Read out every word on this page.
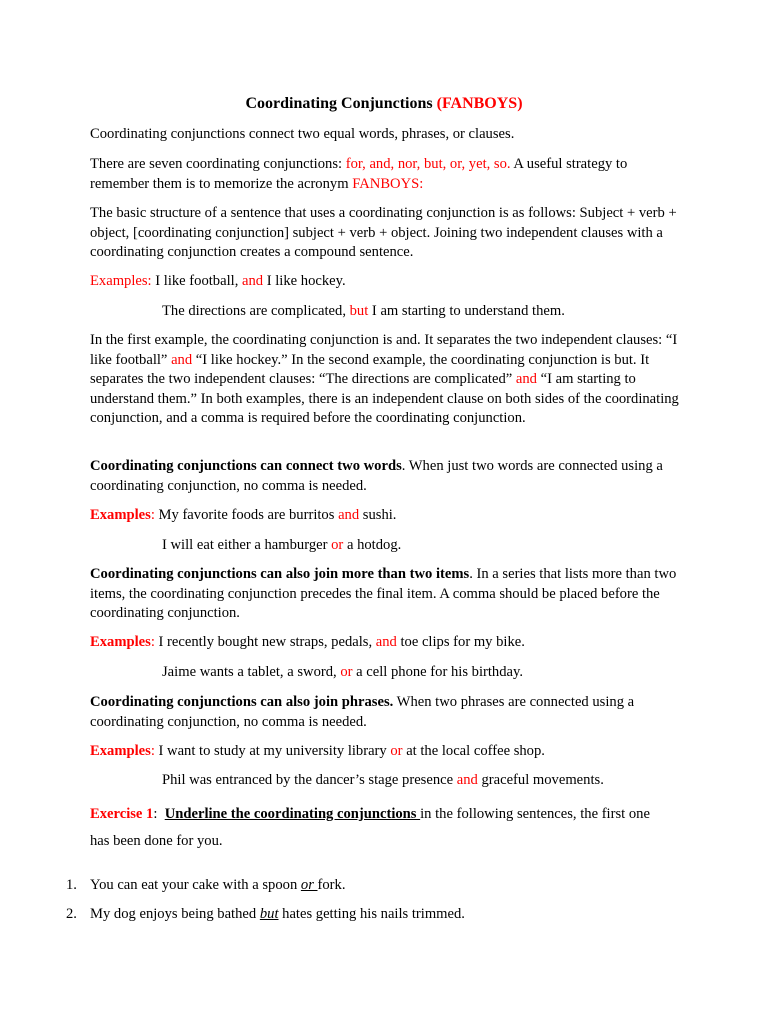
Coordinating Conjunctions (FANBOYS)

Coordinating conjunctions connect two equal words, phrases, or clauses.

There are seven coordinating conjunctions: for, and, nor, but, or, yet, so. A useful strategy to remember them is to memorize the acronym FANBOYS:

The basic structure of a sentence that uses a coordinating conjunction is as follows: Subject + verb + object, [coordinating conjunction] subject + verb + object. Joining two independent clauses with a coordinating conjunction creates a compound sentence.

Examples: I like football, and I like hockey.

The directions are complicated, but I am starting to understand them.

In the first example, the coordinating conjunction is and. It separates the two independent clauses: “I like football” and “I like hockey.” In the second example, the coordinating conjunction is but. It separates the two independent clauses: “The directions are complicated” and “I am starting to understand them.” In both examples, there is an independent clause on both sides of the coordinating conjunction, and a comma is required before the coordinating conjunction.

Coordinating conjunctions can connect two words. When just two words are connected using a coordinating conjunction, no comma is needed.

Examples: My favorite foods are burritos and sushi.

I will eat either a hamburger or a hotdog.

Coordinating conjunctions can also join more than two items. In a series that lists more than two items, the coordinating conjunction precedes the final item. A comma should be placed before the coordinating conjunction.

Examples: I recently bought new straps, pedals, and toe clips for my bike.

Jaime wants a tablet, a sword, or a cell phone for his birthday.

Coordinating conjunctions can also join phrases. When two phrases are connected using a coordinating conjunction, no comma is needed.

Examples: I want to study at my university library or at the local coffee shop.

Phil was entranced by the dancer’s stage presence and graceful movements.

Exercise 1:  Underline the coordinating conjunctions in the following sentences, the first one
has been done for you.

1. You can eat your cake with a spoon or fork.
2. My dog enjoys being bathed but hates getting his nails trimmed.
